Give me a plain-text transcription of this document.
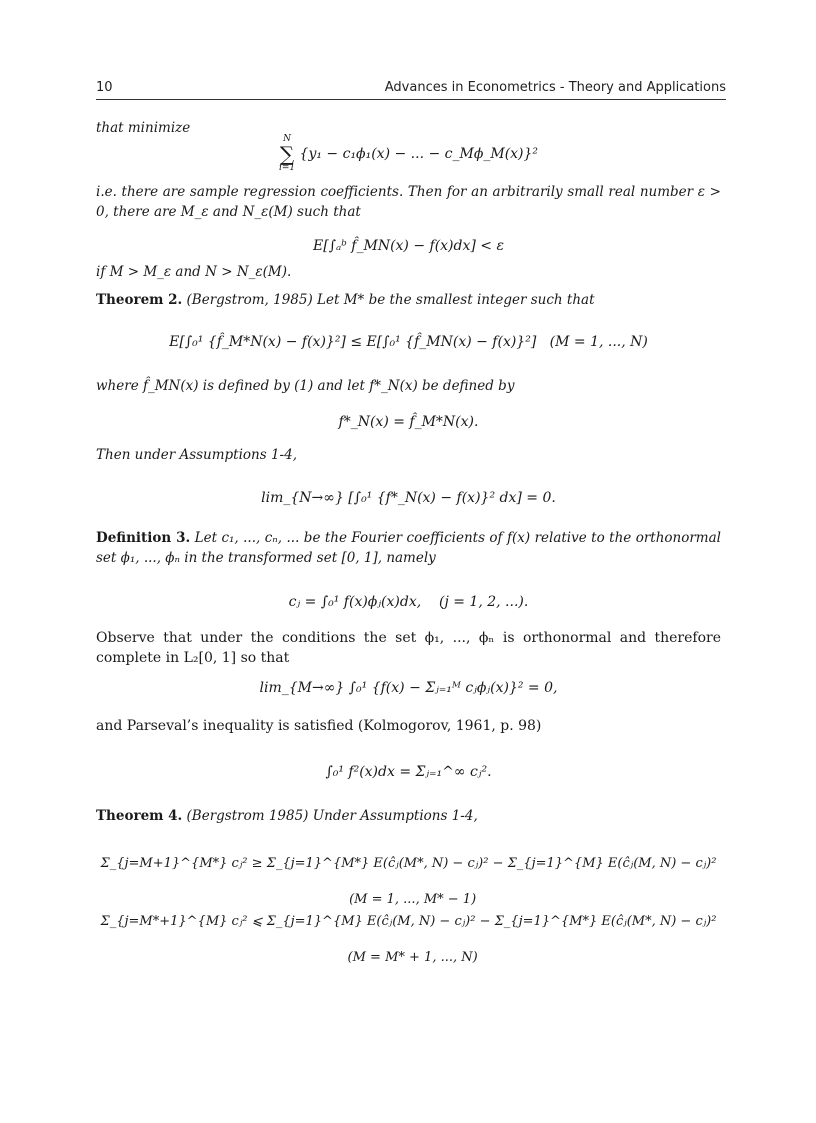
10	Advances in Econometrics - Theory and Applications
that minimize
N
∑
i=1
{y₁ − c₁ϕ₁(x) − ... − c_Mϕ_M(x)}²
i.e. there are sample regression coefficients. Then for an arbitrarily small real number ε > 0, there are M_ε and N_ε(M) such that
E[∫ₐᵇ f̂_MN(x) − f(x)dx] < ε
if M > M_ε and N > N_ε(M).
Theorem 2. (Bergstrom, 1985) Let M* be the smallest integer such that
E[∫₀¹ {f̂_M*N(x) − f(x)}²] ≤ E[∫₀¹ {f̂_MN(x) − f(x)}²] (M = 1, ..., N)
where f̂_MN(x) is defined by (1) and let f*_N(x) be defined by
f*_N(x) = f̂_M*N(x).
Then under Assumptions 1-4,
lim_{N→∞} [∫₀¹ {f*_N(x) − f(x)}² dx] = 0.
Definition 3. Let c₁, ..., cₙ, ... be the Fourier coefficients of f(x) relative to the orthonormal set ϕ₁, ..., ϕₙ in the transformed set [0, 1], namely
cⱼ = ∫₀¹ f(x)ϕⱼ(x)dx, (j = 1, 2, ...).
Observe that under the conditions the set ϕ₁, ..., ϕₙ is orthonormal and therefore complete in L₂[0, 1] so that
lim_{M→∞} ∫₀¹ {f(x) − Σⱼ₌₁ᴹ cⱼϕⱼ(x)}² = 0,
and Parseval’s inequality is satisfied (Kolmogorov, 1961, p. 98)
∫₀¹ f²(x)dx = Σⱼ₌₁^∞ cⱼ².
Theorem 4. (Bergstrom 1985) Under Assumptions 1-4,
Σ_{j=M+1}^{M*} cⱼ² ≥ Σ_{j=1}^{M*} E(ĉⱼ(M*, N) − cⱼ)² − Σ_{j=1}^{M} E(ĉⱼ(M, N) − cⱼ)²   (M = 1, ..., M* − 1)
Σ_{j=M*+1}^{M} cⱼ² ⩽ Σ_{j=1}^{M} E(ĉⱼ(M, N) − cⱼ)² − Σ_{j=1}^{M*} E(ĉⱼ(M*, N) − cⱼ)²   (M = M* + 1, ..., N)
